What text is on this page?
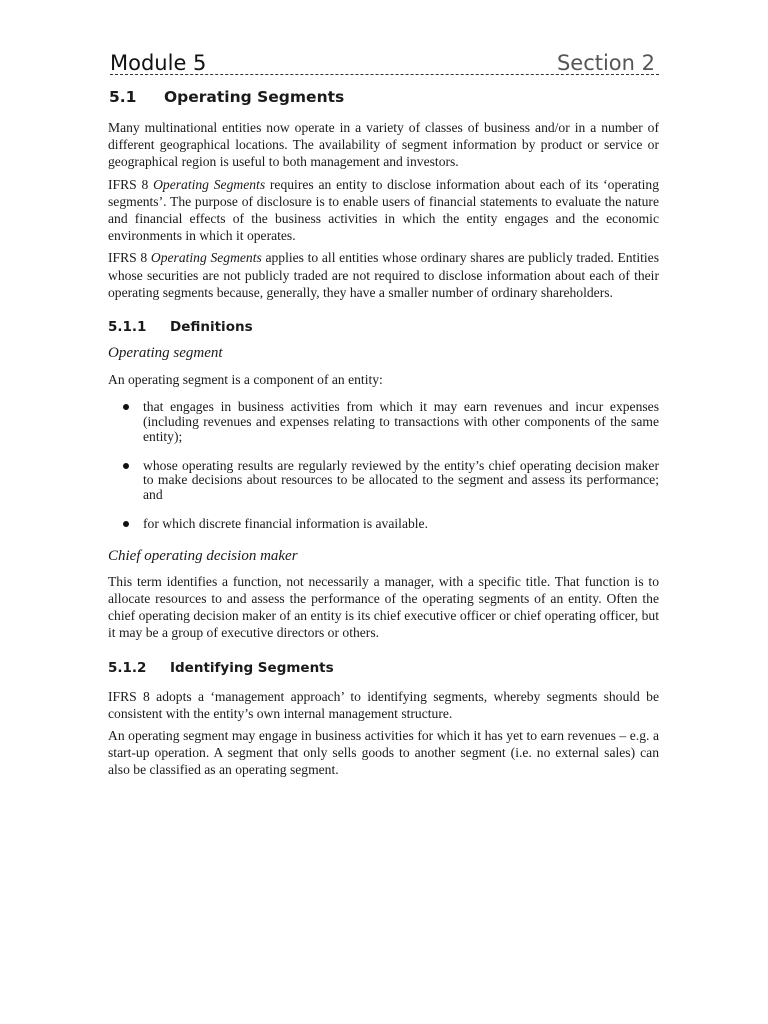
Module 5	Section 2
5.1	Operating Segments

Many multinational entities now operate in a variety of classes of business and/or in a number of different geographical locations. The availability of segment information by product or service or geographical region is useful to both management and investors.

IFRS 8 Operating Segments requires an entity to disclose information about each of its ‘operating segments’. The purpose of disclosure is to enable users of financial statements to evaluate the nature and financial effects of the business activities in which the entity engages and the economic environments in which it operates.

IFRS 8 Operating Segments applies to all entities whose ordinary shares are publicly traded. Entities whose securities are not publicly traded are not required to disclose information about each of their operating segments because, generally, they have a smaller number of ordinary shareholders.

5.1.1	Definitions
Operating segment

An operating segment is a component of an entity:

that engages in business activities from which it may earn revenues and incur expenses (including revenues and expenses relating to transactions with other components of the same entity);
whose operating results are regularly reviewed by the entity’s chief operating decision maker to make decisions about resources to be allocated to the segment and assess its performance; and
for which discrete financial information is available.
Chief operating decision maker

This term identifies a function, not necessarily a manager, with a specific title. That function is to allocate resources to and assess the performance of the operating segments of an entity. Often the chief operating decision maker of an entity is its chief executive officer or chief operating officer, but it may be a group of executive directors or others.

5.1.2	Identifying Segments

IFRS 8 adopts a ‘management approach’ to identifying segments, whereby segments should be consistent with the entity’s own internal management structure.

An operating segment may engage in business activities for which it has yet to earn revenues – e.g. a start-up operation. A segment that only sells goods to another segment (i.e. no external sales) can also be classified as an operating segment.
